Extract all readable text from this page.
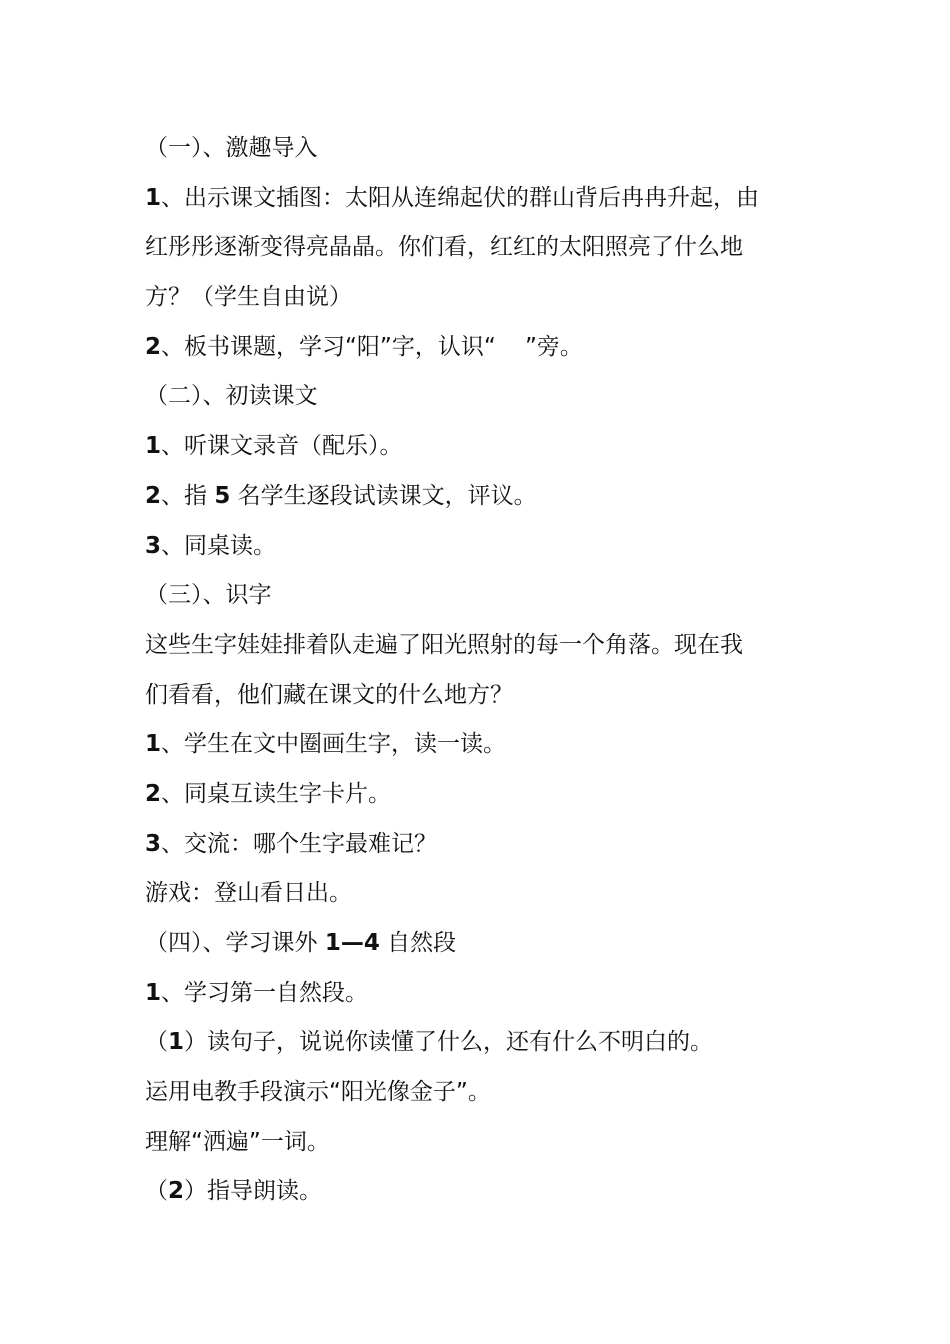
（一）、激趣导入
1、出示课文插图：太阳从连绵起伏的群山背后冉冉升起，由
红彤彤逐渐变得亮晶晶。你们看，红红的太阳照亮了什么地
方？（学生自由说）
2、板书课题，学习“阳”字，认识“    ”旁。
（二）、初读课文
1、听课文录音（配乐）。
2、指 5 名学生逐段试读课文，评议。
3、同桌读。
（三）、识字
这些生字娃娃排着队走遍了阳光照射的每一个角落。现在我
们看看，他们藏在课文的什么地方？
1、学生在文中圈画生字，读一读。
2、同桌互读生字卡片。
3、交流：哪个生字最难记？
游戏：登山看日出。
（四）、学习课外 1—4 自然段
1、学习第一自然段。
（1）读句子，说说你读懂了什么，还有什么不明白的。
运用电教手段演示“阳光像金子”。
理解“洒遍”一词。
（2）指导朗读。
